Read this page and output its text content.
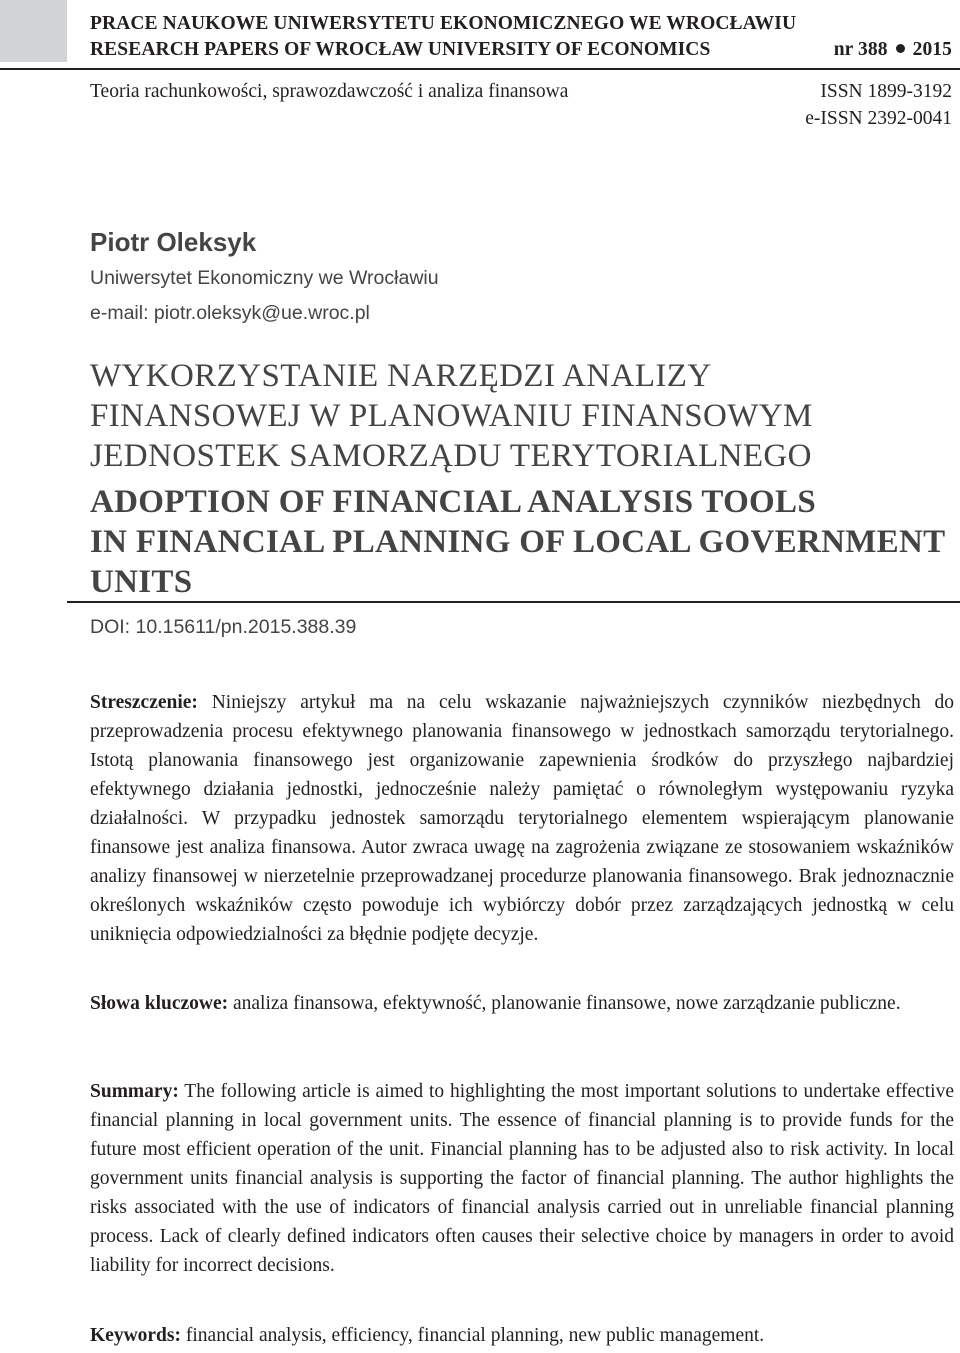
PRACE NAUKOWE UNIWERSYTETU EKONOMICZNEGO WE WROCŁAWIU
RESEARCH PAPERS OF WROCŁAW UNIVERSITY OF ECONOMICS	nr 388 2015
Teoria rachunkowości, sprawozdawczość i analiza finansowa	ISSN 1899-3192
e-ISSN 2392-0041
Piotr Oleksyk
Uniwersytet Ekonomiczny we Wrocławiu
e-mail: piotr.oleksyk@ue.wroc.pl
WYKORZYSTANIE NARZĘDZI ANALIZY
FINANSOWEJ W PLANOWANIU FINANSOWYM
JEDNOSTEK SAMORZĄDU TERYTORIALNEGO
ADOPTION OF FINANCIAL ANALYSIS TOOLS
IN FINANCIAL PLANNING OF LOCAL GOVERNMENT
UNITS
DOI: 10.15611/pn.2015.388.39
Streszczenie: Niniejszy artykuł ma na celu wskazanie najważniejszych czynników niezbędnych do przeprowadzenia procesu efektywnego planowania finansowego w jednostkach samorządu terytorialnego. Istotą planowania finansowego jest organizowanie zapewnienia środków do przyszłego najbardziej efektywnego działania jednostki, jednocześnie należy pamiętać o równoległym występowaniu ryzyka działalności. W przypadku jednostek samorządu terytorialnego elementem wspierającym planowanie finansowe jest analiza finansowa. Autor zwraca uwagę na zagrożenia związane ze stosowaniem wskaźników analizy finansowej w nierzetelnie przeprowadzanej procedurze planowania finansowego. Brak jednoznacznie określonych wskaźników często powoduje ich wybiórczy dobór przez zarządzających jednostką w celu uniknięcia odpowiedzialności za błędnie podjęte decyzje.
Słowa kluczowe: analiza finansowa, efektywność, planowanie finansowe, nowe zarządzanie publiczne.
Summary: The following article is aimed to highlighting the most important solutions to undertake effective financial planning in local government units. The essence of financial planning is to provide funds for the future most efficient operation of the unit. Financial planning has to be adjusted also to risk activity. In local government units financial analysis is supporting the factor of financial planning. The author highlights the risks associated with the use of indicators of financial analysis carried out in unreliable financial planning process. Lack of clearly defined indicators often causes their selective choice by managers in order to avoid liability for incorrect decisions.
Keywords: financial analysis, efficiency, financial planning, new public management.
